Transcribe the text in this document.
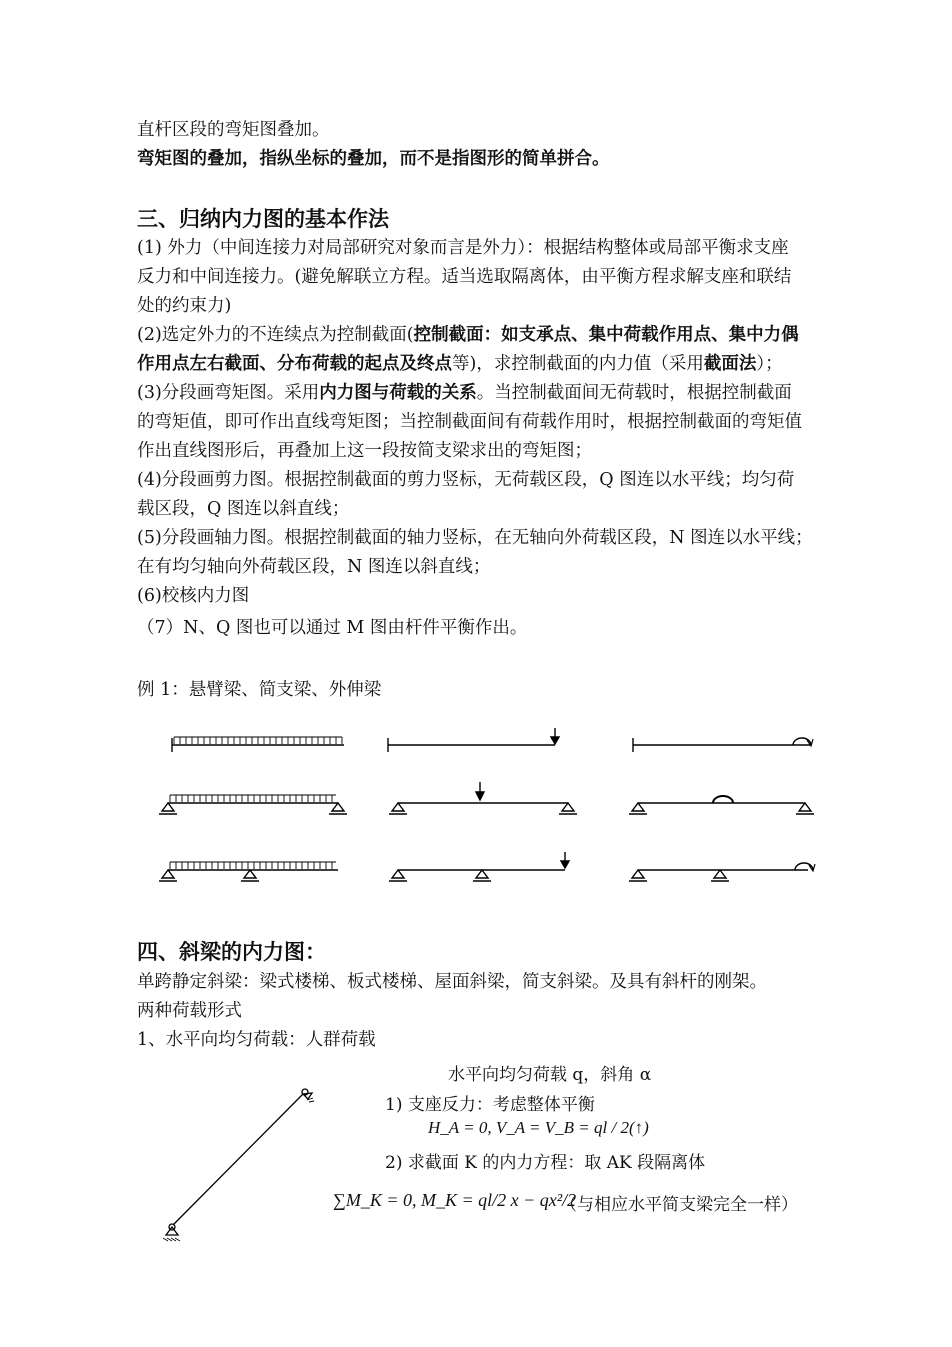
直杆区段的弯矩图叠加。
弯矩图的叠加，指纵坐标的叠加，而不是指图形的简单拼合。
三、归纳内力图的基本作法
(1) 外力（中间连接力对局部研究对象而言是外力）：根据结构整体或局部平衡求支座
反力和中间连接力。(避免解联立方程。适当选取隔离体，由平衡方程求解支座和联结
处的约束力)
(2)选定外力的不连续点为控制截面(控制截面：如支承点、集中荷载作用点、集中力偶
作用点左右截面、分布荷载的起点及终点等)，求控制截面的内力值（采用截面法）；
(3)分段画弯矩图。采用内力图与荷载的关系。当控制截面间无荷载时，根据控制截面
的弯矩值，即可作出直线弯矩图；当控制截面间有荷载作用时，根据控制截面的弯矩值
作出直线图形后，再叠加上这一段按简支梁求出的弯矩图；
(4)分段画剪力图。根据控制截面的剪力竖标，无荷载区段，Q 图连以水平线；均匀荷
载区段，Q 图连以斜直线；
(5)分段画轴力图。根据控制截面的轴力竖标，在无轴向外荷载区段，N 图连以水平线；
在有均匀轴向外荷载区段，N 图连以斜直线；
(6)校核内力图
（7）N、Q 图也可以通过 M 图由杆件平衡作出。
例 1：悬臂梁、简支梁、外伸梁
四、斜梁的内力图：
单跨静定斜梁：梁式楼梯、板式楼梯、屋面斜梁，简支斜梁。及具有斜杆的刚架。
两种荷载形式
1、水平向均匀荷载：人群荷载
水平向均匀荷载 q，斜角 α
1) 支座反力：考虑整体平衡
H_A = 0, V_A = V_B = ql / 2(↑)
2) 求截面 K 的内力方程：取 AK 段隔离体
∑M_K = 0, M_K = ql/2 x − qx²/2
（与相应水平简支梁完全一样）
